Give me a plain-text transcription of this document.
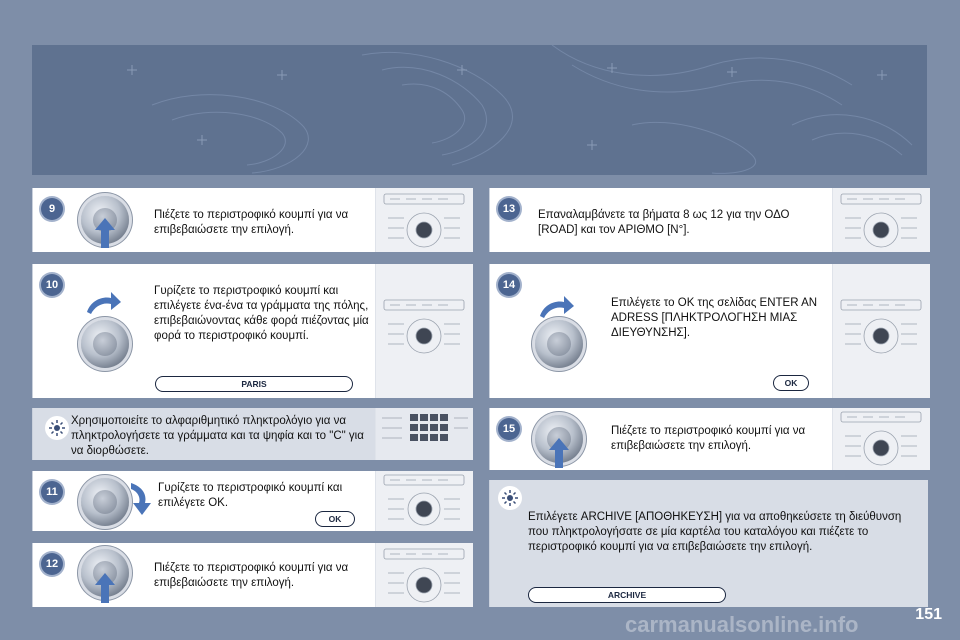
9	Πιέζετε το περιστροφικό κουμπί για να επιβεβαιώσετε την επιλογή.
10	Γυρίζετε το περιστροφικό κουμπί και επιλέγετε ένα-ένα τα γράμματα της πόλης, επιβεβαιώνοντας κάθε φορά πιέζοντας μία φορά το περιστροφικό κουμπί.
PARIS
Χρησιμοποιείτε το αλφαριθμητικό πληκτρολόγιο για να πληκτρολογήσετε τα γράμματα και τα ψηφία και το "C" για να διορθώσετε.
11	Γυρίζετε το περιστροφικό κουμπί και επιλέγετε ΟΚ.
OK
12	Πιέζετε το περιστροφικό κουμπί για να επιβεβαιώσετε την επιλογή.
13	Επαναλαμβάνετε τα βήματα 8 ως 12 για την ΟΔΟ [ROAD] και τον ΑΡΙΘΜΟ [N°].
14
Επιλέγετε το ΟΚ της σελίδας ENTER AN ADRESS [ΠΛΗΚΤΡΟΛΟΓΗΣΗ ΜΙΑΣ ΔΙΕΥΘΥΝΣΗΣ].
OK
15	Πιέζετε το περιστροφικό κουμπί για να επιβεβαιώσετε την επιλογή.
Επιλέγετε ARCHIVE [ΑΠΟΘΗΚΕΥΣΗ] για να αποθηκεύσετε τη διεύθυνση που πληκτρολογήσατε σε μία καρτέλα του καταλόγου και πιέζετε το περιστροφικό κουμπί για να επιβεβαιώσετε την επιλογή.
ARCHIVE
151
carmanualsonline.info
